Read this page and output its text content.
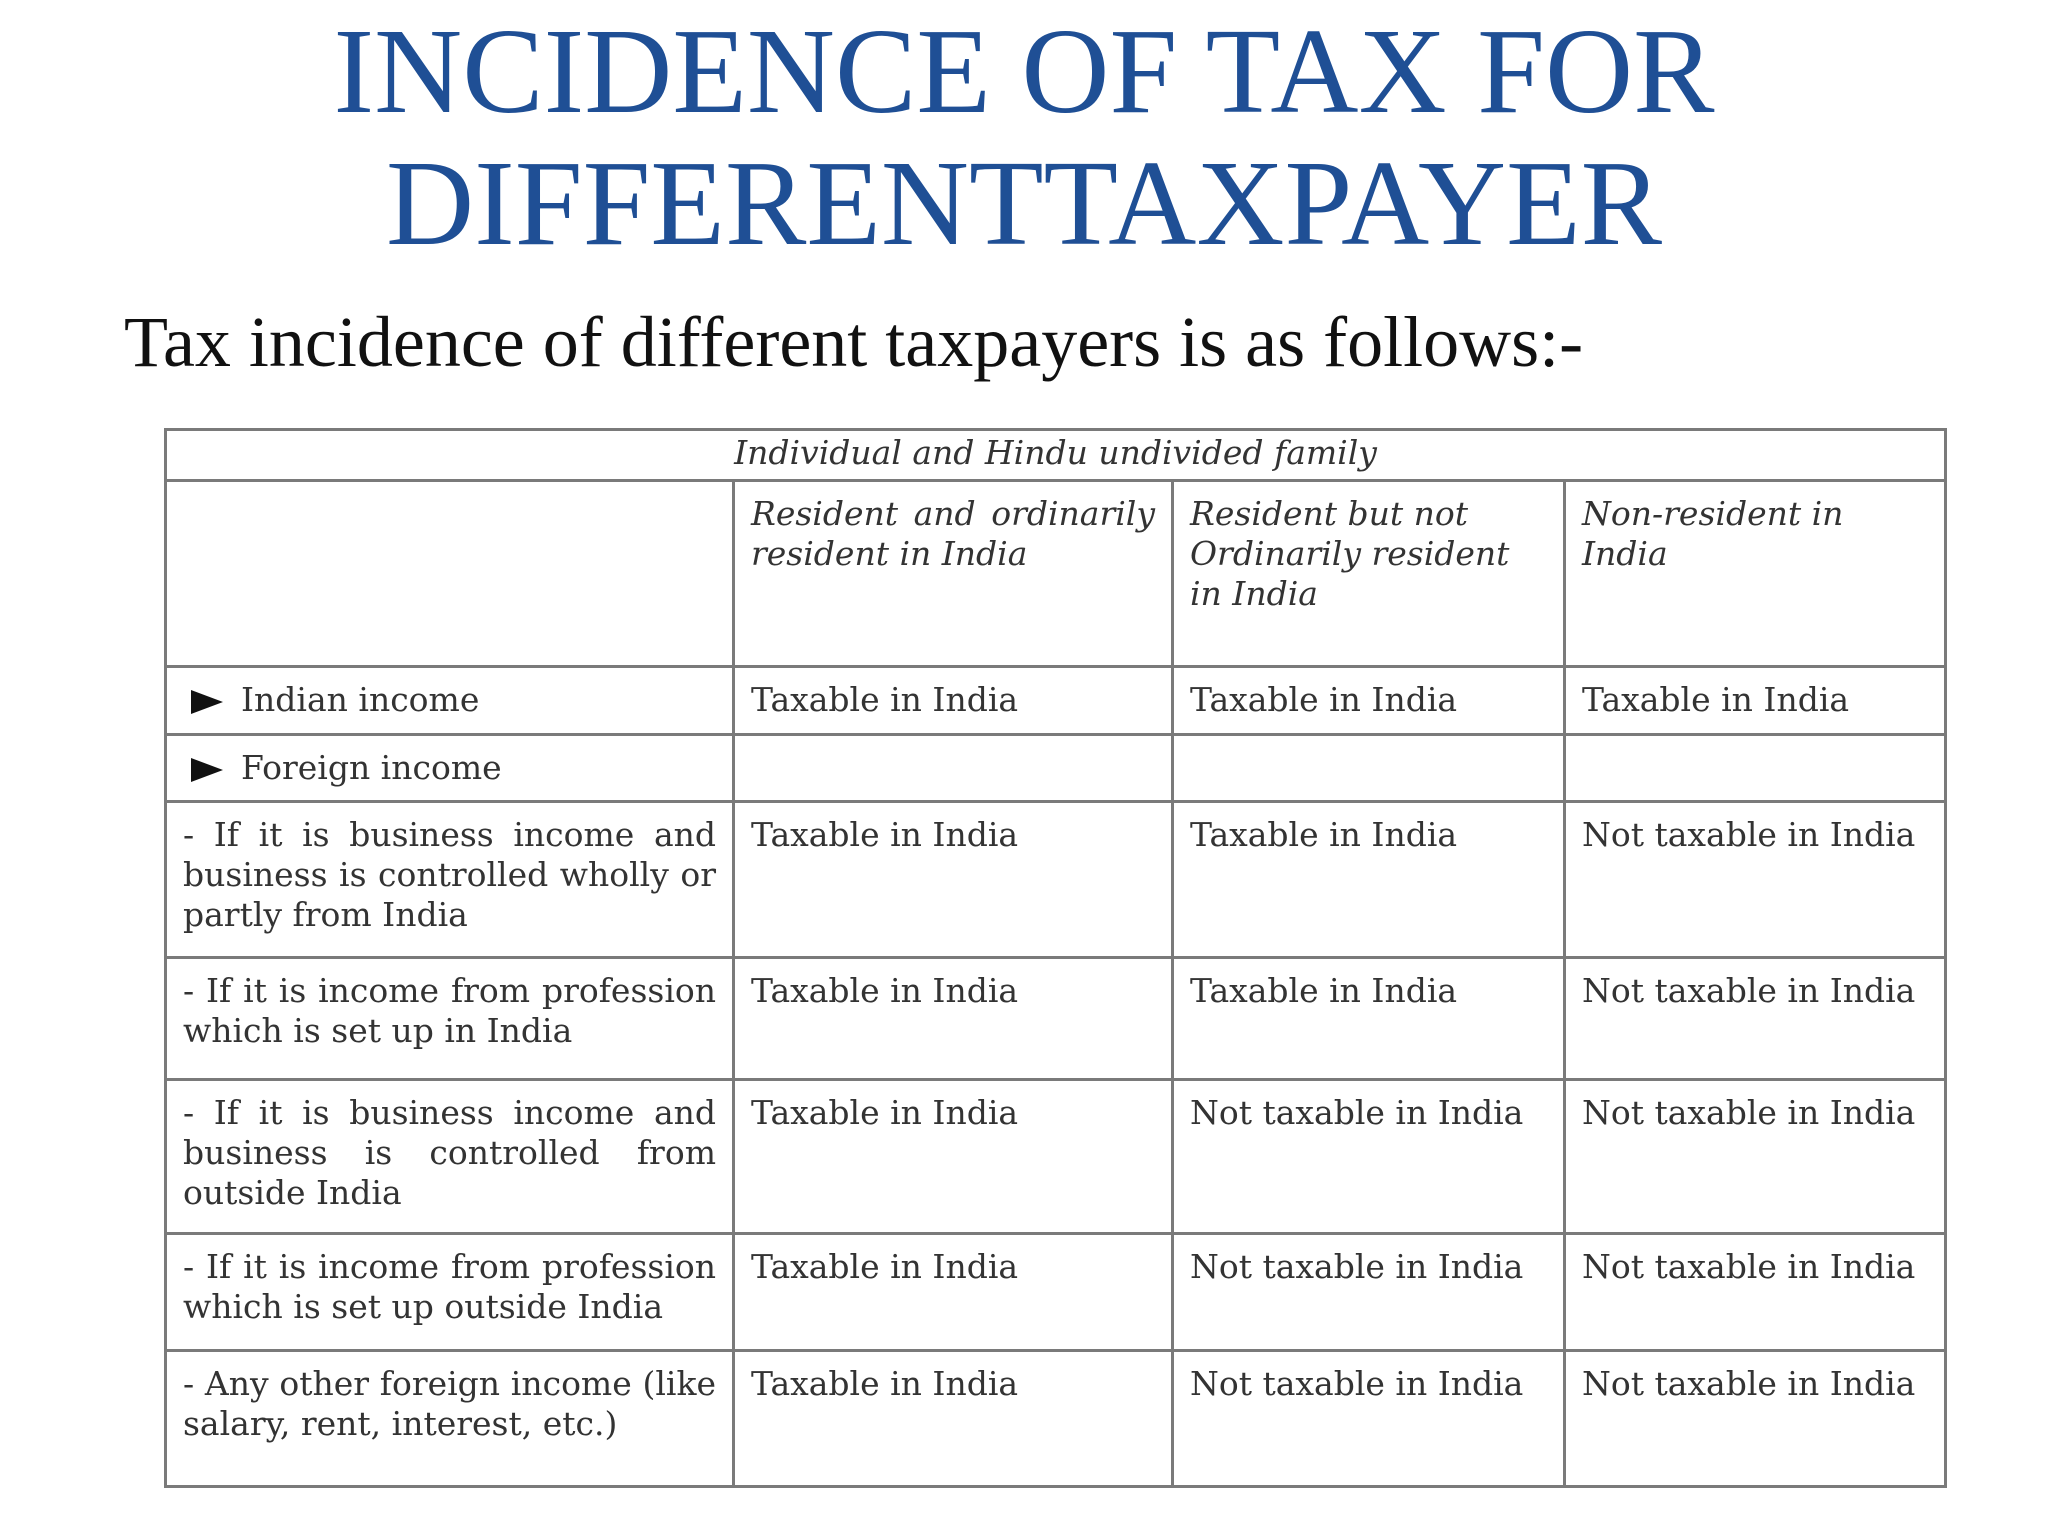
INCIDENCE OF TAX FOR
DIFFERENTTAXPAYER

Tax incidence of different taxpayers is as follows:-

Individual and Hindu undivided family			
	Resident and ordinarily resident in India	Resident but not Ordinarily resident in India	Non-resident in India
Indian income	Taxable in India	Taxable in India	Taxable in India
Foreign income			
- If it is business income and business is controlled wholly or partly from India	Taxable in India	Taxable in India	Not taxable in India
- If it is income from profession which is set up in India	Taxable in India	Taxable in India	Not taxable in India
- If it is business income and business is controlled from outside India	Taxable in India	Not taxable in India	Not taxable in India
- If it is income from profession which is set up outside India	Taxable in India	Not taxable in India	Not taxable in India
- Any other foreign income (like salary, rent, interest, etc.)	Taxable in India	Not taxable in India	Not taxable in India
